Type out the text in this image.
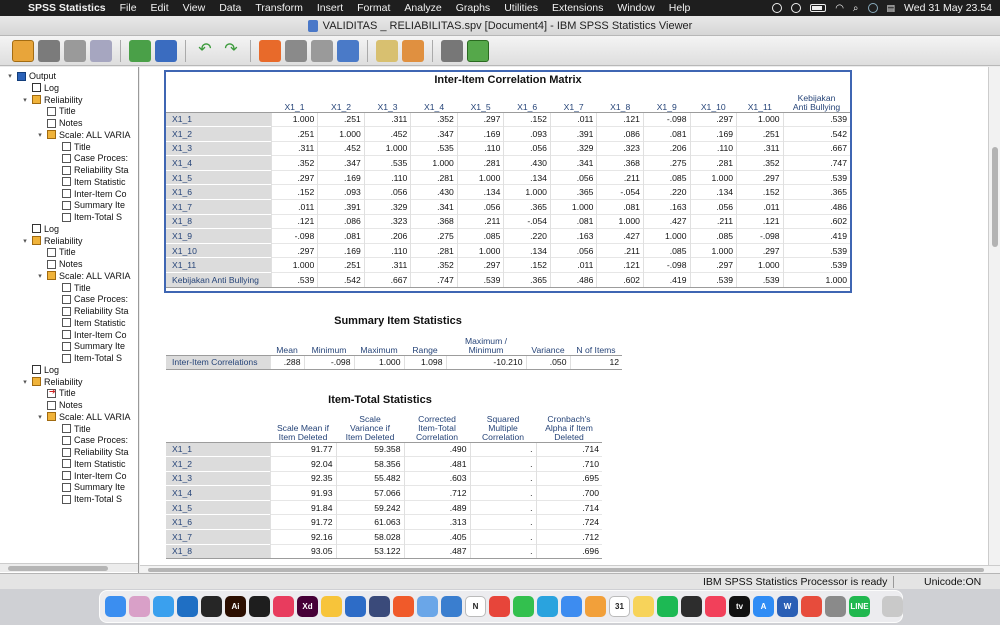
SPSS Statistics File Edit View Data Transform Insert Format Analyze Graphs Utilities Extensions Window Help	◠ ⌕	▤ Wed 31 May 23.54
VALIDITAS _ RELIABILITAS.spv [Document4] - IBM SPSS Statistics Viewer
↶ ↷
▾ Output
Log
▾ Reliability
Title
Notes
▾ Scale: ALL VARIA
Title
Case Proces:
Reliability Sta
Item Statistic
Inter-Item Co
Summary Ite
Item-Total S
Log
▾ Reliability
Title
Notes
▾ Scale: ALL VARIA
Title
Case Proces:
Reliability Sta
Item Statistic
Inter-Item Co
Summary Ite
Item-Total S
Log
▾ Reliability
Title
➔
Notes
▾ Scale: ALL VARIA
Title
Case Proces:
Reliability Sta
Item Statistic
Inter-Item Co
Summary Ite
Item-Total S
Inter-Item Correlation Matrix
	X1_1	X1_2	X1_3	X1_4	X1_5	X1_6	X1_7	X1_8	X1_9	X1_10	X1_11	Kebijakan
Anti Bullying
X1_1	1.000	.251	.311	.352	.297	.152	.011	.121	-.098	.297	1.000	.539
X1_2	.251	1.000	.452	.347	.169	.093	.391	.086	.081	.169	.251	.542
X1_3	.311	.452	1.000	.535	.110	.056	.329	.323	.206	.110	.311	.667
X1_4	.352	.347	.535	1.000	.281	.430	.341	.368	.275	.281	.352	.747
X1_5	.297	.169	.110	.281	1.000	.134	.056	.211	.085	1.000	.297	.539
X1_6	.152	.093	.056	.430	.134	1.000	.365	-.054	.220	.134	.152	.365
X1_7	.011	.391	.329	.341	.056	.365	1.000	.081	.163	.056	.011	.486
X1_8	.121	.086	.323	.368	.211	-.054	.081	1.000	.427	.211	.121	.602
X1_9	-.098	.081	.206	.275	.085	.220	.163	.427	1.000	.085	-.098	.419
X1_10	.297	.169	.110	.281	1.000	.134	.056	.211	.085	1.000	.297	.539
X1_11	1.000	.251	.311	.352	.297	.152	.011	.121	-.098	.297	1.000	.539
Kebijakan Anti Bullying	.539	.542	.667	.747	.539	.365	.486	.602	.419	.539	.539	1.000
Summary Item Statistics
	Mean	Minimum	Maximum	Range	Maximum /
Minimum	Variance	N of Items
Inter-Item Correlations	.288	-.098	1.000	1.098	-10.210	.050	12
Item-Total Statistics
	Scale Mean if
Item Deleted	Scale
Variance if
Item Deleted	Corrected
Item-Total
Correlation	Squared
Multiple
Correlation	Cronbach's
Alpha if Item
Deleted
X1_1	91.77	59.358	.490	.	.714
X1_2	92.04	58.356	.481	.	.710
X1_3	92.35	55.482	.603	.	.695
X1_4	91.93	57.066	.712	.	.700
X1_5	91.84	59.242	.489	.	.714
X1_6	91.72	61.063	.313	.	.724
X1_7	92.16	58.028	.405	.	.712
X1_8	93.05	53.122	.487	.	.696
IBM SPSS Statistics Processor is ready	Unicode:ON
Ai	Xd	N	31	tv A W	LINE
